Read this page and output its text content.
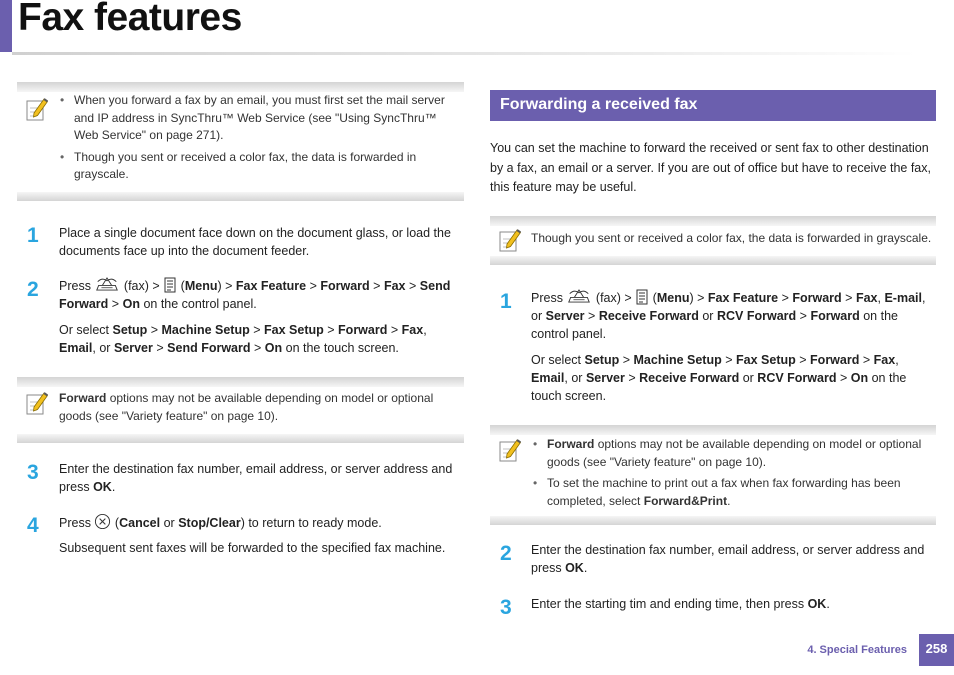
Fax features
• When you forward a fax by an email, you must first set the mail server and IP address in SyncThru™ Web Service (see "Using SyncThru™ Web Service" on page 271).
• Though you sent or received a color fax, the data is forwarded in grayscale.
1 Place a single document face down on the document glass, or load the documents face up into the document feeder.
2 Press	(fax) > (Menu) > Fax Feature > Forward > Fax > Send Forward > On on the control panel.
Or select Setup > Machine Setup > Fax Setup > Forward > Fax, Email, or Server > Send Forward > On on the touch screen.
Forward options may not be available depending on model or optional goods (see "Variety feature" on page 10).
3 Enter the destination fax number, email address, or server address and press OK.
4 Press (Cancel or Stop/Clear) to return to ready mode.
Subsequent sent faxes will be forwarded to the specified fax machine.
Forwarding a received fax
You can set the machine to forward the received or sent fax to other destination by a fax, an email or a server. If you are out of office but have to receive the fax, this feature may be useful.
Though you sent or received a color fax, the data is forwarded in grayscale.
1 Press	(fax) > (Menu) > Fax Feature > Forward > Fax, E-mail, or Server > Receive Forward or RCV Forward > Forward on the control panel.
Or select Setup > Machine Setup > Fax Setup > Forward > Fax, Email, or Server > Receive Forward or RCV Forward > On on the touch screen.
• Forward options may not be available depending on model or optional goods (see "Variety feature" on page 10).
• To set the machine to print out a fax when fax forwarding has been completed, select Forward&Print.
2 Enter the destination fax number, email address, or server address and press OK.
3 Enter the starting tim and ending time, then press OK.
4. Special Features	258
